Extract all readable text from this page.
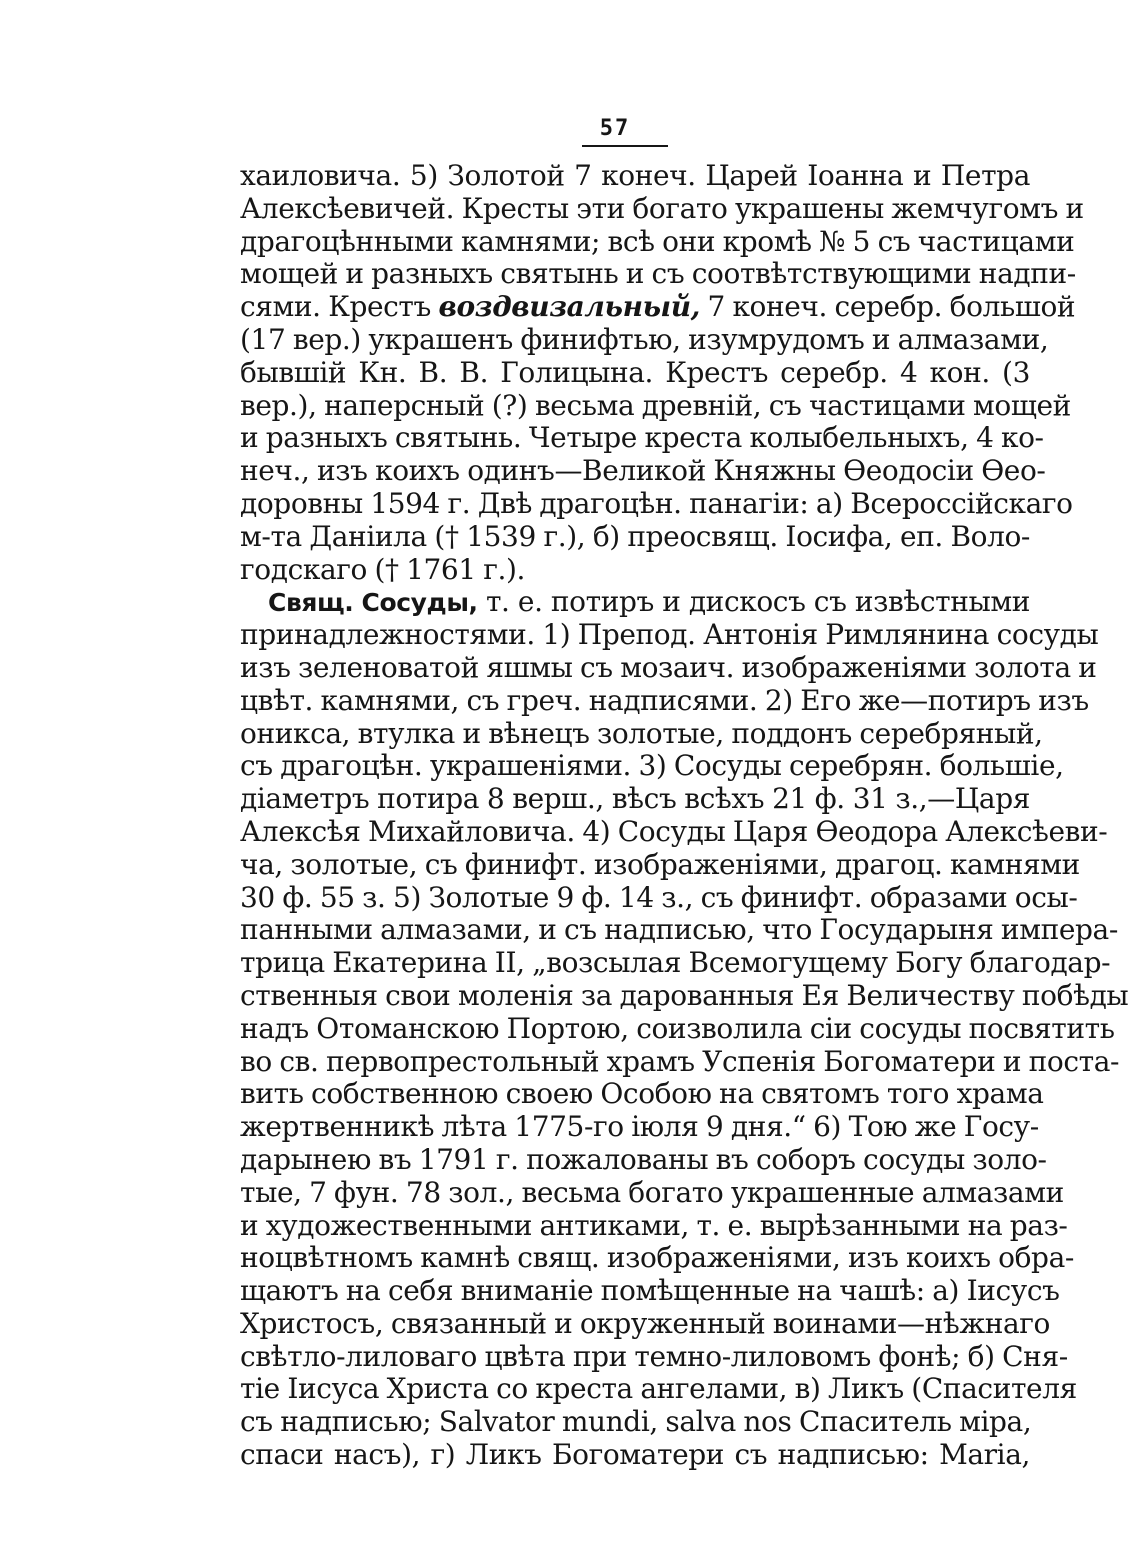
57
хаиловича. 5) Золотой 7 конеч. Царей Іоанна и Петра
Алексѣевичей. Кресты эти богато украшены жемчугомъ и
драгоцѣнными камнями; всѣ они кромѣ № 5 съ частицами
мощей и разныхъ святынь и съ соотвѣтствующими надпи-
сями. Крестъ воздвизальный, 7 конеч. серебр. большой
(17 вер.) украшенъ финифтью, изумрудомъ и алмазами,
бывшій Кн. В. В. Голицына. Крестъ серебр. 4 кон. (3
вер.), наперсный (?) весьма древній, съ частицами мощей
и разныхъ святынь. Четыре креста колыбельныхъ, 4 ко-
неч., изъ коихъ одинъ—Великой Княжны Ѳеодосіи Ѳео-
доровны 1594 г. Двѣ драгоцѣн. панагіи: а) Всероссійскаго
м-та Даніила († 1539 г.), б) преосвящ. Іосифа, еп. Воло-
годскаго († 1761 г.).
Свящ. Сосуды, т. е. потиръ и дискосъ съ извѣстными
принадлежностями. 1) Препод. Антонія Римлянина сосуды
изъ зеленоватой яшмы съ мозаич. изображеніями золота и
цвѣт. камнями, съ греч. надписями. 2) Его же—потиръ изъ
оникса, втулка и вѣнецъ золотые, поддонъ серебряный,
съ драгоцѣн. украшеніями. 3) Сосуды серебрян. большіе,
діаметръ потира 8 верш., вѣсъ всѣхъ 21 ф. 31 з.,—Царя
Алексѣя Михайловича. 4) Сосуды Царя Ѳеодора Алексѣеви-
ча, золотые, съ финифт. изображеніями, драгоц. камнями
30 ф. 55 з. 5) Золотые 9 ф. 14 з., съ финифт. образами осы-
панными алмазами, и съ надписью, что Государыня импера-
трица Екатерина II, „возсылая Всемогущему Богу благодар-
ственныя свои моленія за дарованныя Ея Величеству побѣды
надъ Отоманскою Портою, соизволила сіи сосуды посвятить
во св. первопрестольный храмъ Успенія Богоматери и поста-
вить собственною своею Особою на святомъ того храма
жертвенникѣ лѣта 1775-го іюля 9 дня.“ 6) Тою же Госу-
дарынею въ 1791 г. пожалованы въ соборъ сосуды золо-
тые, 7 фун. 78 зол., весьма богато украшенные алмазами
и художественными антиками, т. е. вырѣзанными на раз-
ноцвѣтномъ камнѣ свящ. изображеніями, изъ коихъ обра-
щаютъ на себя вниманіе помѣщенные на чашѣ: а) Іисусъ
Христосъ, связанный и окруженный воинами—нѣжнаго
свѣтло-лиловаго цвѣта при темно-лиловомъ фонѣ; б) Сня-
тіе Іисуса Христа со креста ангелами, в) Ликъ (Спасителя
съ надписью; Salvator mundi, salva nos Спаситель міра,
спаси насъ), г) Ликъ Богоматери съ надписью: Maria,
